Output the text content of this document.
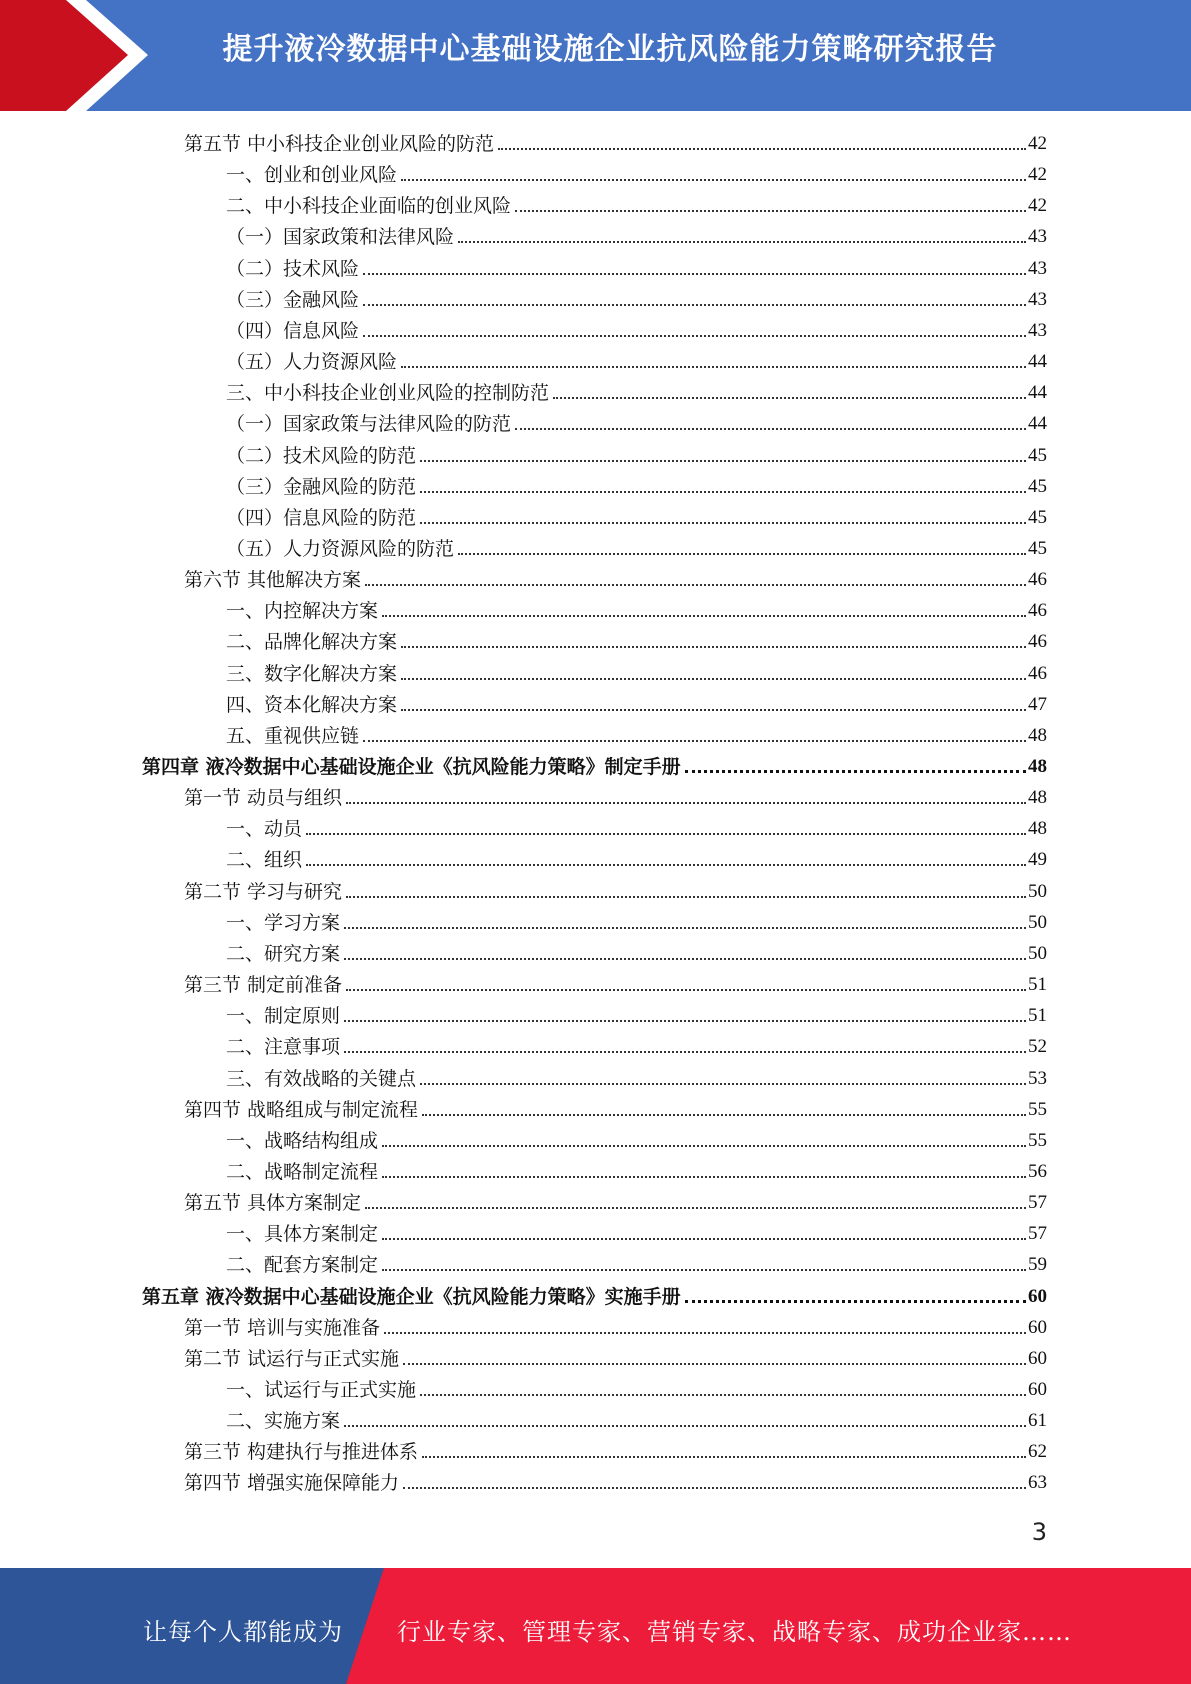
提升液冷数据中心基础设施企业抗风险能力策略研究报告
第五节 中小科技企业创业风险的防范	42
一、创业和创业风险	42
二、中小科技企业面临的创业风险	42
（一）国家政策和法律风险	43
（二）技术风险	43
（三）金融风险	43
（四）信息风险	43
（五）人力资源风险	44
三、中小科技企业创业风险的控制防范	44
（一）国家政策与法律风险的防范	44
（二）技术风险的防范	45
（三）金融风险的防范	45
（四）信息风险的防范	45
（五）人力资源风险的防范	45
第六节 其他解决方案	46
一、内控解决方案	46
二、品牌化解决方案	46
三、数字化解决方案	46
四、资本化解决方案	47
五、重视供应链	48
第四章 液冷数据中心基础设施企业《抗风险能力策略》制定手册	48
第一节 动员与组织	48
一、动员	48
二、组织	49
第二节 学习与研究	50
一、学习方案	50
二、研究方案	50
第三节 制定前准备	51
一、制定原则	51
二、注意事项	52
三、有效战略的关键点	53
第四节 战略组成与制定流程	55
一、战略结构组成	55
二、战略制定流程	56
第五节 具体方案制定	57
一、具体方案制定	57
二、配套方案制定	59
第五章 液冷数据中心基础设施企业《抗风险能力策略》实施手册	60
第一节 培训与实施准备	60
第二节 试运行与正式实施	60
一、试运行与正式实施	60
二、实施方案	61
第三节 构建执行与推进体系	62
第四节 增强实施保障能力	63
3
让每个人都能成为 行业专家、管理专家、营销专家、战略专家、成功企业家……
